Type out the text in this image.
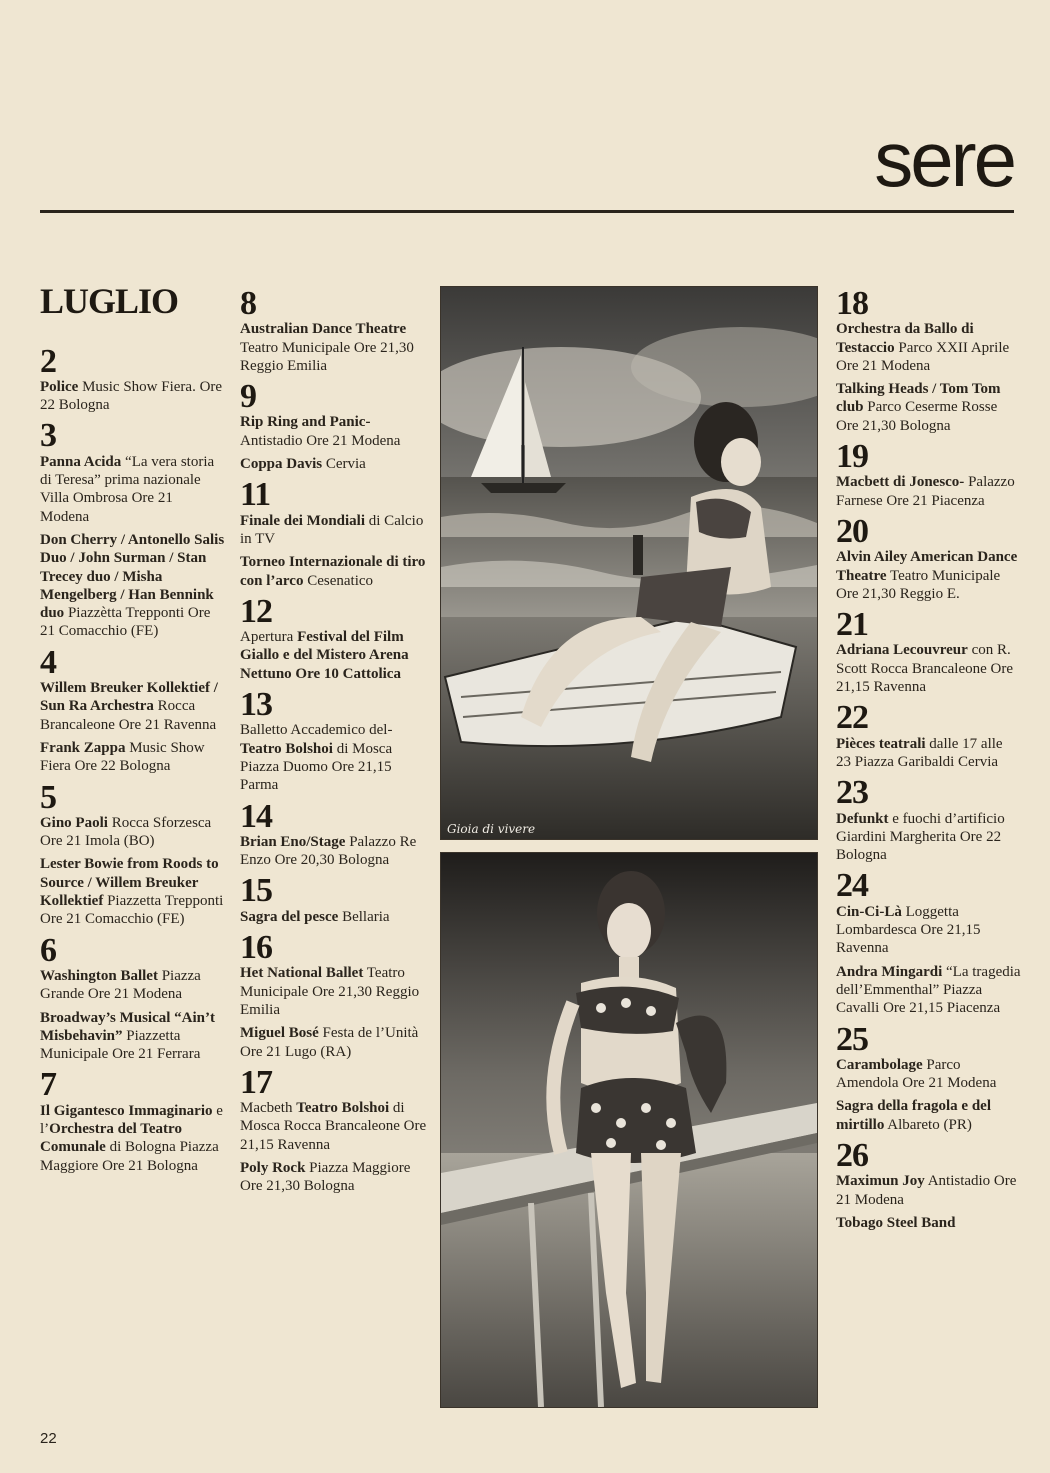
sere
LUGLIO
2
Police Music Show Fiera. Ore 22 Bologna
3
Panna Acida “La vera storia di Teresa” prima nazionale Villa Ombrosa Ore 21 Modena
Don Cherry / Antonello Salis Duo / John Surman / Stan Trecey duo / Misha Mengelberg / Han Bennink duo Piazzètta Trepponti Ore 21 Comacchio (FE)
4
Willem Breuker Kollektief / Sun Ra Archestra Rocca Brancaleone Ore 21 Ravenna
Frank Zappa Music Show Fiera Ore 22 Bologna
5
Gino Paoli Rocca Sforzesca Ore 21 Imola (BO)
Lester Bowie from Roods to Source / Willem Breuker Kollektief Piazzetta Trepponti Ore 21 Comacchio (FE)
6
Washington Ballet Piazza Grande Ore 21 Modena
Broadway’s Musical “Ain’t Misbehavin” Piazzetta Municipale Ore 21 Ferrara
7
Il Gigantesco Immaginario e l’Orchestra del Teatro Comunale di Bologna Piazza Maggiore Ore 21 Bologna
8
Australian Dance Theatre Teatro Municipale Ore 21,30 Reggio Emilia
9
Rip Ring and Panic- Antistadio Ore 21 Modena
Coppa Davis Cervia
11
Finale dei Mondiali di Calcio in TV
Torneo Internazionale di tiro con l’arco Cesenatico
12
Apertura Festival del Film Giallo e del Mistero Arena Nettuno Ore 10 Cattolica
13
Balletto Accademico del-Teatro Bolshoi di Mosca Piazza Duomo Ore 21,15 Parma
14
Brian Eno/Stage Palazzo Re Enzo Ore 20,30 Bologna
15
Sagra del pesce Bellaria
16
Het National Ballet Teatro Municipale Ore 21,30 Reggio Emilia
Miguel Bosé Festa de l’Unità Ore 21 Lugo (RA)
17
Macbeth Teatro Bolshoi di Mosca Rocca Brancaleone Ore 21,15 Ravenna
Poly Rock Piazza Maggiore Ore 21,30 Bologna
18
Orchestra da Ballo di Testaccio Parco XXII Aprile Ore 21 Modena
Talking Heads / Tom Tom club Parco Ceserme Rosse Ore 21,30 Bologna
19
Macbett di Jonesco- Palazzo Farnese Ore 21 Piacenza
20
Alvin Ailey American Dance Theatre Teatro Municipale Ore 21,30 Reggio E.
21
Adriana Lecouvreur con R. Scott Rocca Brancaleone Ore 21,15 Ravenna
22
Pièces teatrali dalle 17 alle 23 Piazza Garibaldi Cervia
23
Defunkt e fuochi d’artificio Giardini Margherita Ore 22 Bologna
24
Cin-Ci-Là Loggetta Lombardesca Ore 21,15 Ravenna
Andra Mingardi “La tragedia dell’Emmenthal” Piazza Cavalli Ore 21,15 Piacenza
25
Carambolage Parco Amendola Ore 21 Modena
Sagra della fragola e del mirtillo Albareto (PR)
26
Maximun Joy Antistadio Ore 21 Modena
Tobago Steel Band
Gioia di vivere
22
